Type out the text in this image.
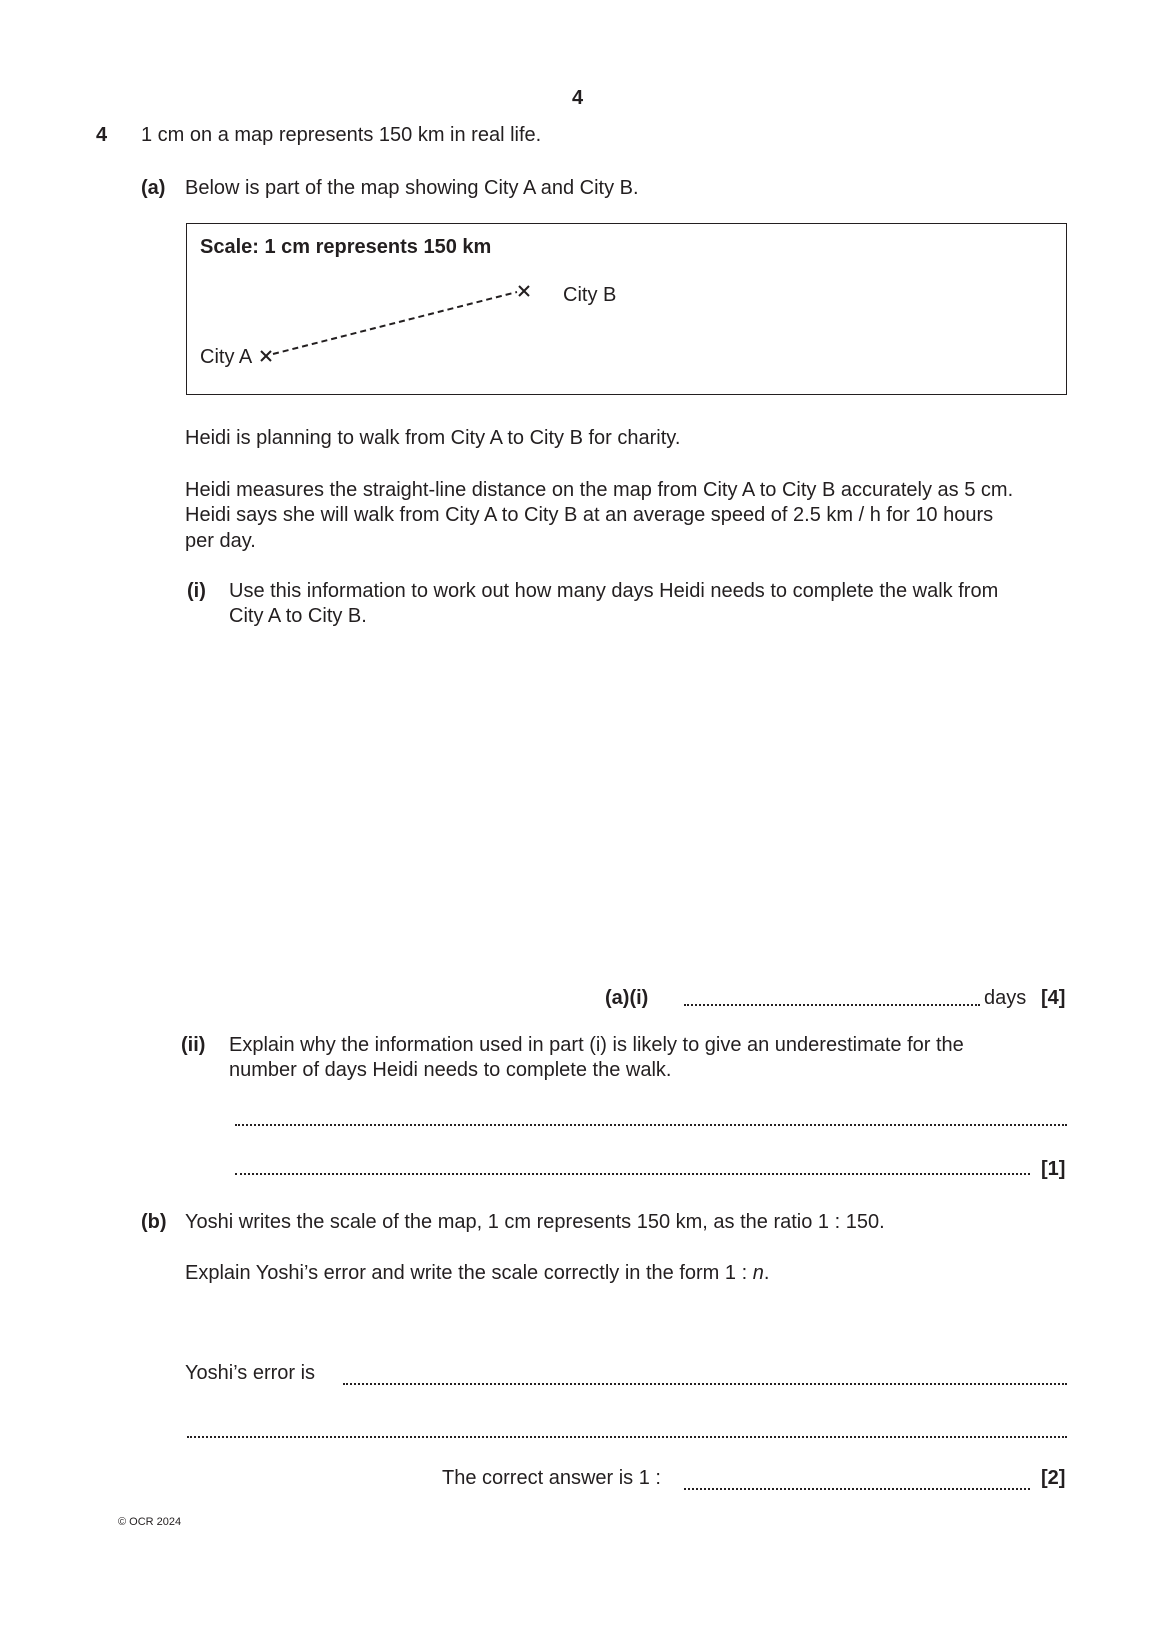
4
4 1 cm on a map represents 150 km in real life.
(a) Below is part of the map showing City A and City B.
Scale: 1 cm represents 150 km
City A
City B
Heidi is planning to walk from City A to City B for charity.
Heidi measures the straight-line distance on the map from City A to City B accurately as 5 cm.
Heidi says she will walk from City A to City B at an average speed of 2.5 km / h for 10 hours
per day.
(i) Use this information to work out how many days Heidi needs to complete the walk from
City A to City B.
(a)(i)	days [4]
(ii) Explain why the information used in part (i) is likely to give an underestimate for the
number of days Heidi needs to complete the walk.
[1]
(b) Yoshi writes the scale of the map, 1 cm represents 150 km, as the ratio 1 : 150.
Explain Yoshi’s error and write the scale correctly in the form 1 : n.
Yoshi’s error is
The correct answer is 1 :	[2]
© OCR 2024
